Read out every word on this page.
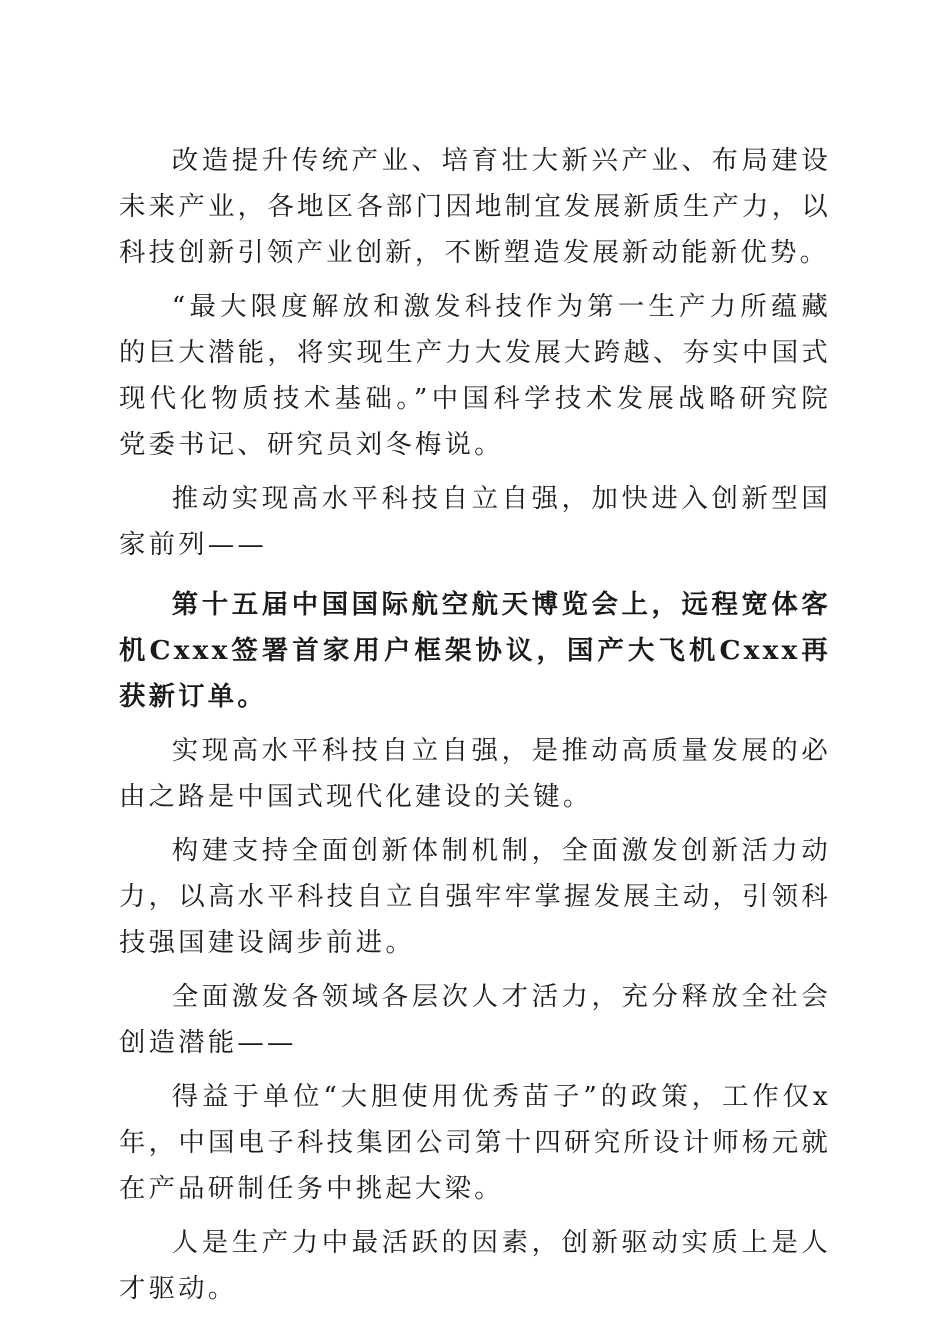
改造提升传统产业、培育壮大新兴产业、布局建设未来产业，各地区各部门因地制宜发展新质生产力，以科技创新引领产业创新，不断塑造发展新动能新优势。

“最大限度解放和激发科技作为第一生产力所蕴藏的巨大潜能，将实现生产力大发展大跨越、夯实中国式现代化物质技术基础。”中国科学技术发展战略研究院党委书记、研究员刘冬梅说。

推动实现高水平科技自立自强，加快进入创新型国家前列——

第十五届中国国际航空航天博览会上，远程宽体客机Cxxx签署首家用户框架协议，国产大飞机Cxxx再获新订单。

实现高水平科技自立自强，是推动高质量发展的必由之路是中国式现代化建设的关键。

构建支持全面创新体制机制，全面激发创新活力动力，以高水平科技自立自强牢牢掌握发展主动，引领科技强国建设阔步前进。

全面激发各领域各层次人才活力，充分释放全社会创造潜能——

得益于单位“大胆使用优秀苗子”的政策，工作仅x年，中国电子科技集团公司第十四研究所设计师杨元就在产品研制任务中挑起大梁。

人是生产力中最活跃的因素，创新驱动实质上是人才驱动。
